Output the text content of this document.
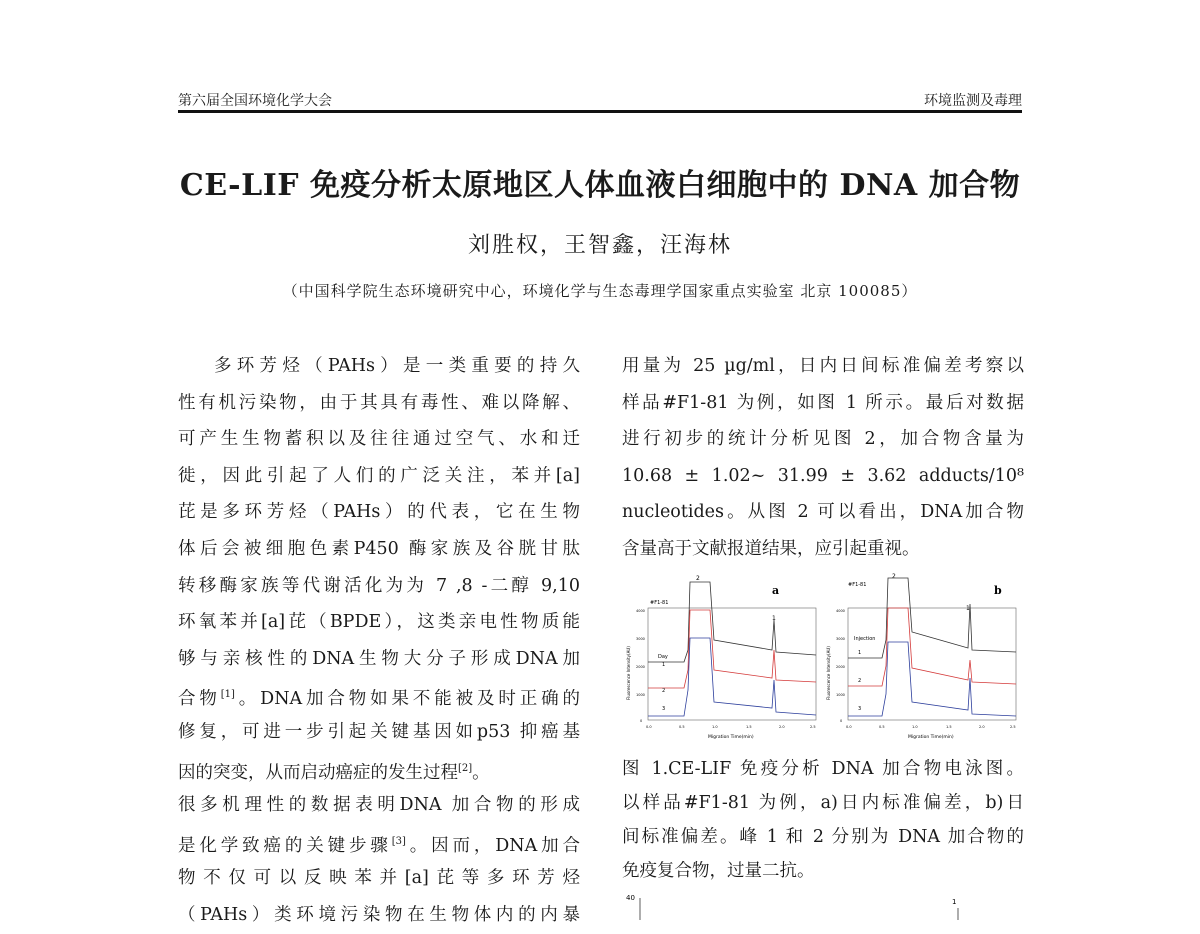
第六届全国环境化学大会	环境监测及毒理
CE-LIF 免疫分析太原地区人体血液白细胞中的 DNA 加合物
刘胜权，王智鑫，汪海林
（中国科学院生态环境研究中心，环境化学与生态毒理学国家重点实验室 北京 100085）
多环芳烃（PAHs）是一类重要的持久
性有机污染物，由于其具有毒性、难以降解、
可产生生物蓄积以及往往通过空气、水和迁
徙，因此引起了人们的广泛关注，苯并[a]
芘是多环芳烃（PAHs）的代表，它在生物
体后会被细胞色素P450 酶家族及谷胱甘肽
转移酶家族等代谢活化为为 7 ,8 -二醇 9,10
环氧苯并[a]芘（BPDE），这类亲电性物质能
够与亲核性的DNA生物大分子形成DNA加
合物[1]。DNA加合物如果不能被及时正确的
修复，可进一步引起关键基因如p53 抑癌基
因的突变，从而启动癌症的发生过程[2]。
很多机理性的数据表明DNA 加合物的形成
是化学致癌的关键步骤[3]。因而，DNA加合
物不仅可以反映苯并[a]芘等多环芳烃
（PAHs）类环境污染物在生物体内的内暴
用量为 25 µg/ml，日内日间标准偏差考察以
样品#F1-81 为例，如图 1 所示。最后对数据
进行初步的统计分析见图 2，加合物含量为
10.68 ± 1.02~ 31.99 ± 3.62 adducts/10⁸
nucleotides。从图 2 可以看出，DNA加合物
含量高于文献报道结果，应引起重视。
a
#F1-81
2
1
Day
1
2
3
Fluorescence Intensity(AU)
Migration Time(min)
4000
3000
2000
1000
0
0.0	0.5	1.0	1.5	2.0	2.5
b
#F1-81
2
1
Injection
1
2
3
Fluorescence Intensity(AU)
Migration Time(min)
4000
3000
2000
1000
0
0.0	0.5	1.0	1.5	2.0	2.5
图 1.CE-LIF 免疫分析 DNA 加合物电泳图。
以样品#F1-81 为例，a)日内标准偏差，b)日
间标准偏差。峰 1 和 2 分别为 DNA 加合物的
免疫复合物，过量二抗。
40	1
